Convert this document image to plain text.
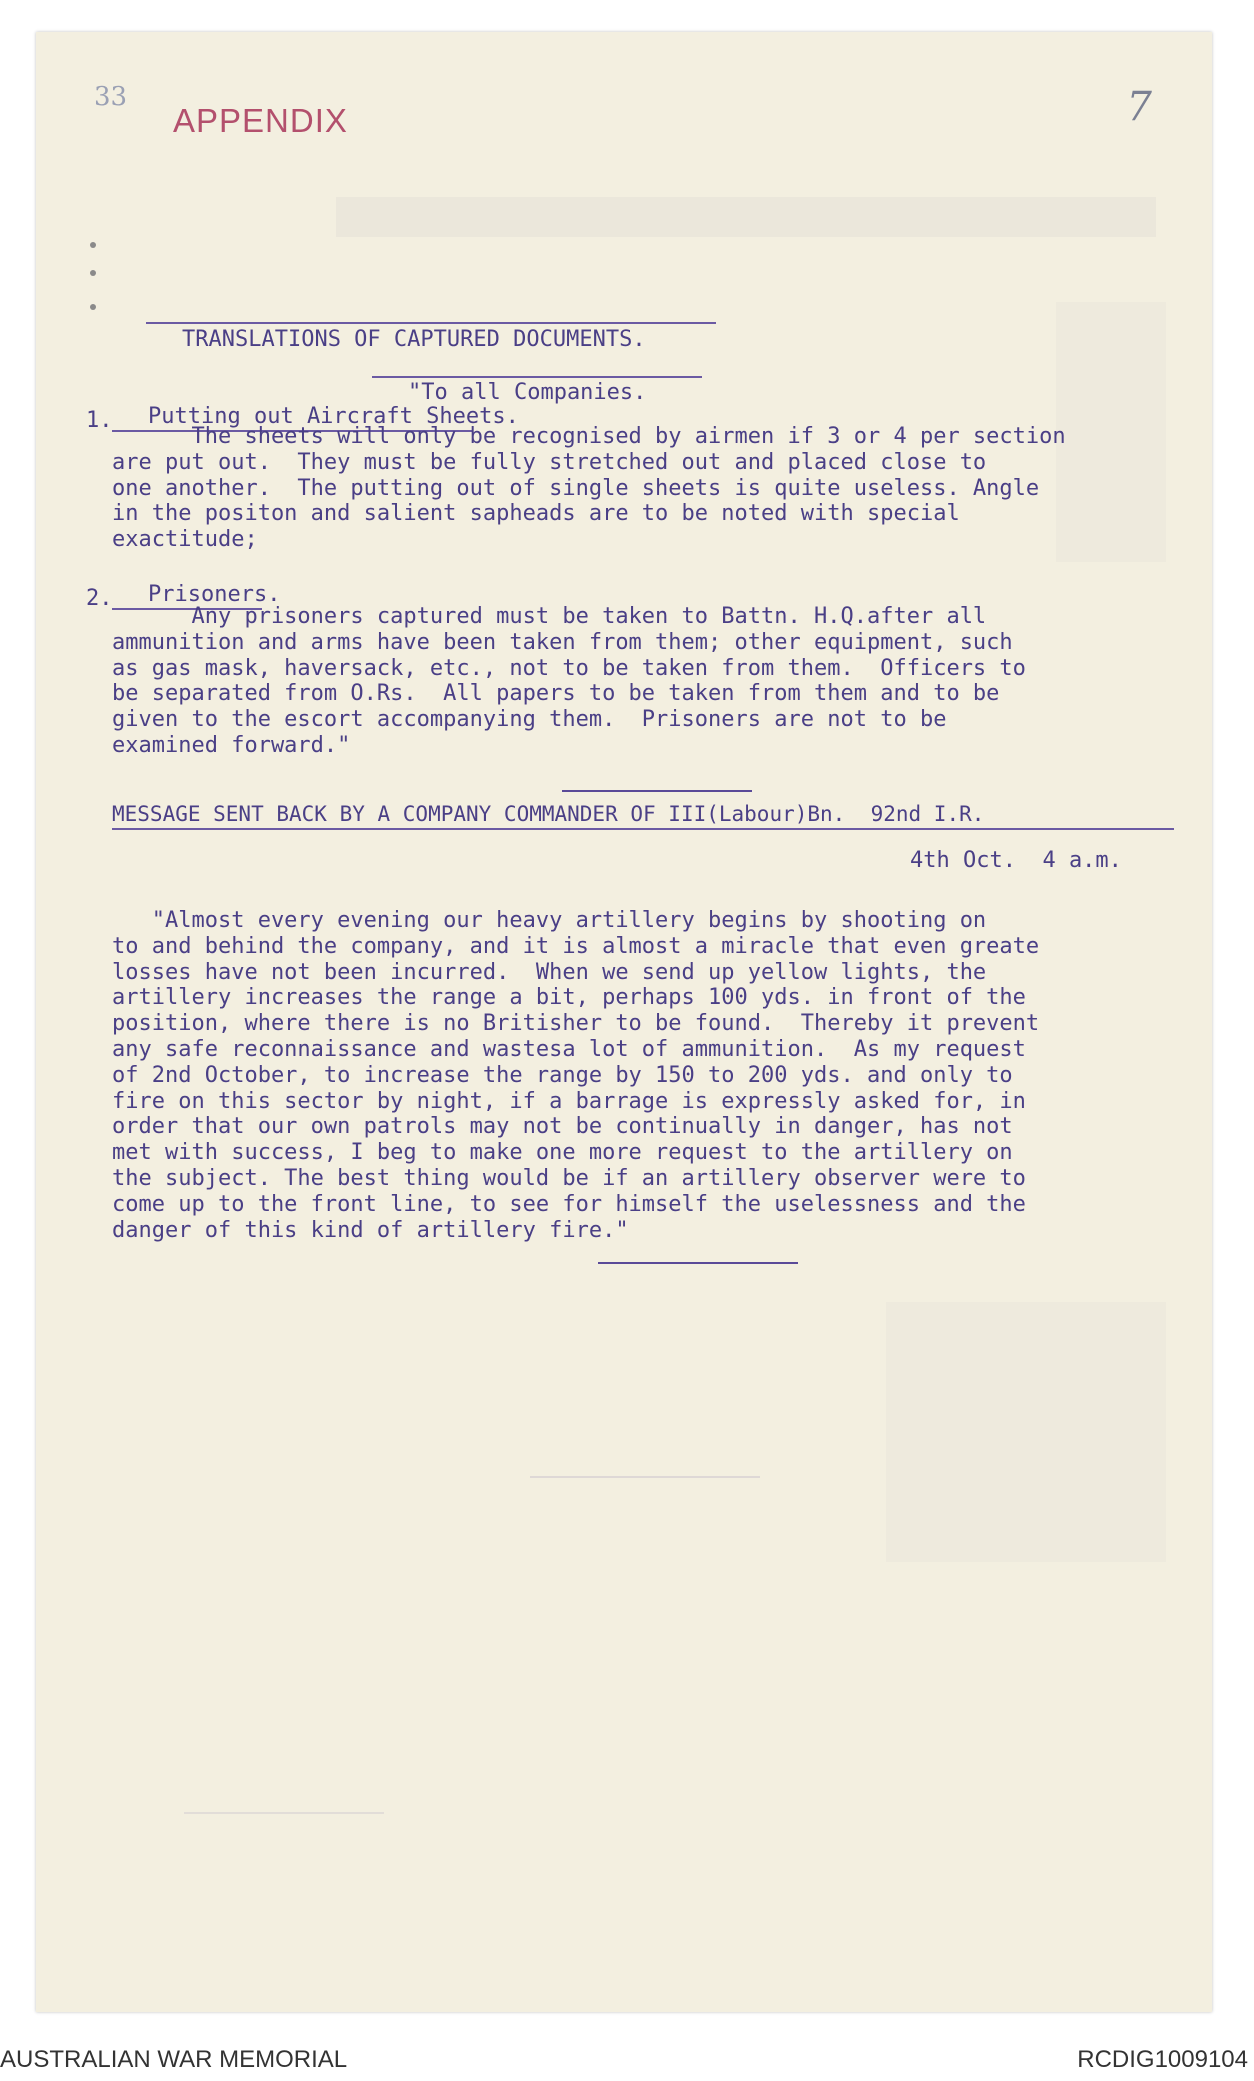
33	7
APPENDIX
TRANSLATIONS OF CAPTURED DOCUMENTS.
"To all Companies.
1. Putting out Aircraft Sheets.
The sheets will only be recognised by airmen if 3 or 4 per section
are put out.  They must be fully stretched out and placed close to
one another.  The putting out of single sheets is quite useless. Angle
in the positon and salient sapheads are to be noted with special
exactitude;
2. Prisoners.
Any prisoners captured must be taken to Battn. H.Q.after all
ammunition and arms have been taken from them; other equipment, such
as gas mask, haversack, etc., not to be taken from them.  Officers to
be separated from O.Rs.  All papers to be taken from them and to be
given to the escort accompanying them.  Prisoners are not to be
examined forward."
MESSAGE SENT BACK BY A COMPANY COMMANDER OF III(Labour)Bn.  92nd I.R.
4th Oct.  4 a.m.
"Almost every evening our heavy artillery begins by shooting on
to and behind the company, and it is almost a miracle that even greate
losses have not been incurred.  When we send up yellow lights, the
artillery increases the range a bit, perhaps 100 yds. in front of the
position, where there is no Britisher to be found.  Thereby it prevent
any safe reconnaissance and wastesa lot of ammunition.  As my request
of 2nd October, to increase the range by 150 to 200 yds. and only to
fire on this sector by night, if a barrage is expressly asked for, in
order that our own patrols may not be continually in danger, has not
met with success, I beg to make one more request to the artillery on
the subject. The best thing would be if an artillery observer were to
come up to the front line, to see for himself the uselessness and the
danger of this kind of artillery fire."
AUSTRALIAN WAR MEMORIAL	RCDIG1009104
